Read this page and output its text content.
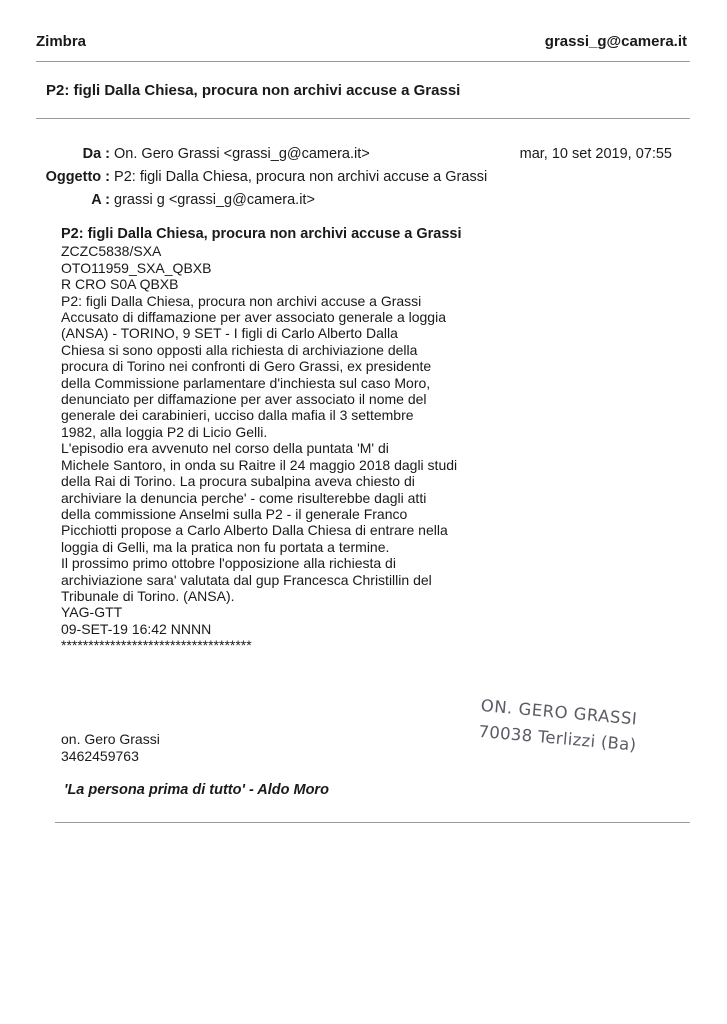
Zimbra	grassi_g@camera.it
P2: figli Dalla Chiesa, procura non archivi accuse a Grassi
Da : On. Gero Grassi <grassi_g@camera.it>	mar, 10 set 2019, 07:55
Oggetto : P2: figli Dalla Chiesa, procura non archivi accuse a Grassi
A : grassi g <grassi_g@camera.it>
P2: figli Dalla Chiesa, procura non archivi accuse a Grassi
ZCZC5838/SXA
OTO11959_SXA_QBXB
R CRO S0A QBXB
P2: figli Dalla Chiesa, procura non archivi accuse a Grassi
Accusato di diffamazione per aver associato generale a loggia
(ANSA) - TORINO, 9 SET - I figli di Carlo Alberto Dalla
Chiesa si sono opposti alla richiesta di archiviazione della
procura di Torino nei confronti di Gero Grassi, ex presidente
della Commissione parlamentare d'inchiesta sul caso Moro,
denunciato per diffamazione per aver associato il nome del
generale dei carabinieri, ucciso dalla mafia il 3 settembre
1982, alla loggia P2 di Licio Gelli.
L'episodio era avvenuto nel corso della puntata 'M' di
Michele Santoro, in onda su Raitre il 24 maggio 2018 dagli studi
della Rai di Torino. La procura subalpina aveva chiesto di
archiviare la denuncia perche' - come risulterebbe dagli atti
della commissione Anselmi sulla P2 - il generale Franco
Picchiotti propose a Carlo Alberto Dalla Chiesa di entrare nella
loggia di Gelli, ma la pratica non fu portata a termine.
Il prossimo primo ottobre l'opposizione alla richiesta di
archiviazione sara' valutata dal gup Francesca Christillin del
Tribunale di Torino. (ANSA).
YAG-GTT
09-SET-19 16:42 NNNN
***********************************
ON. GERO GRASSI
70038 Terlizzi (Ba)
on. Gero Grassi
3462459763
'La persona prima di tutto' - Aldo Moro
